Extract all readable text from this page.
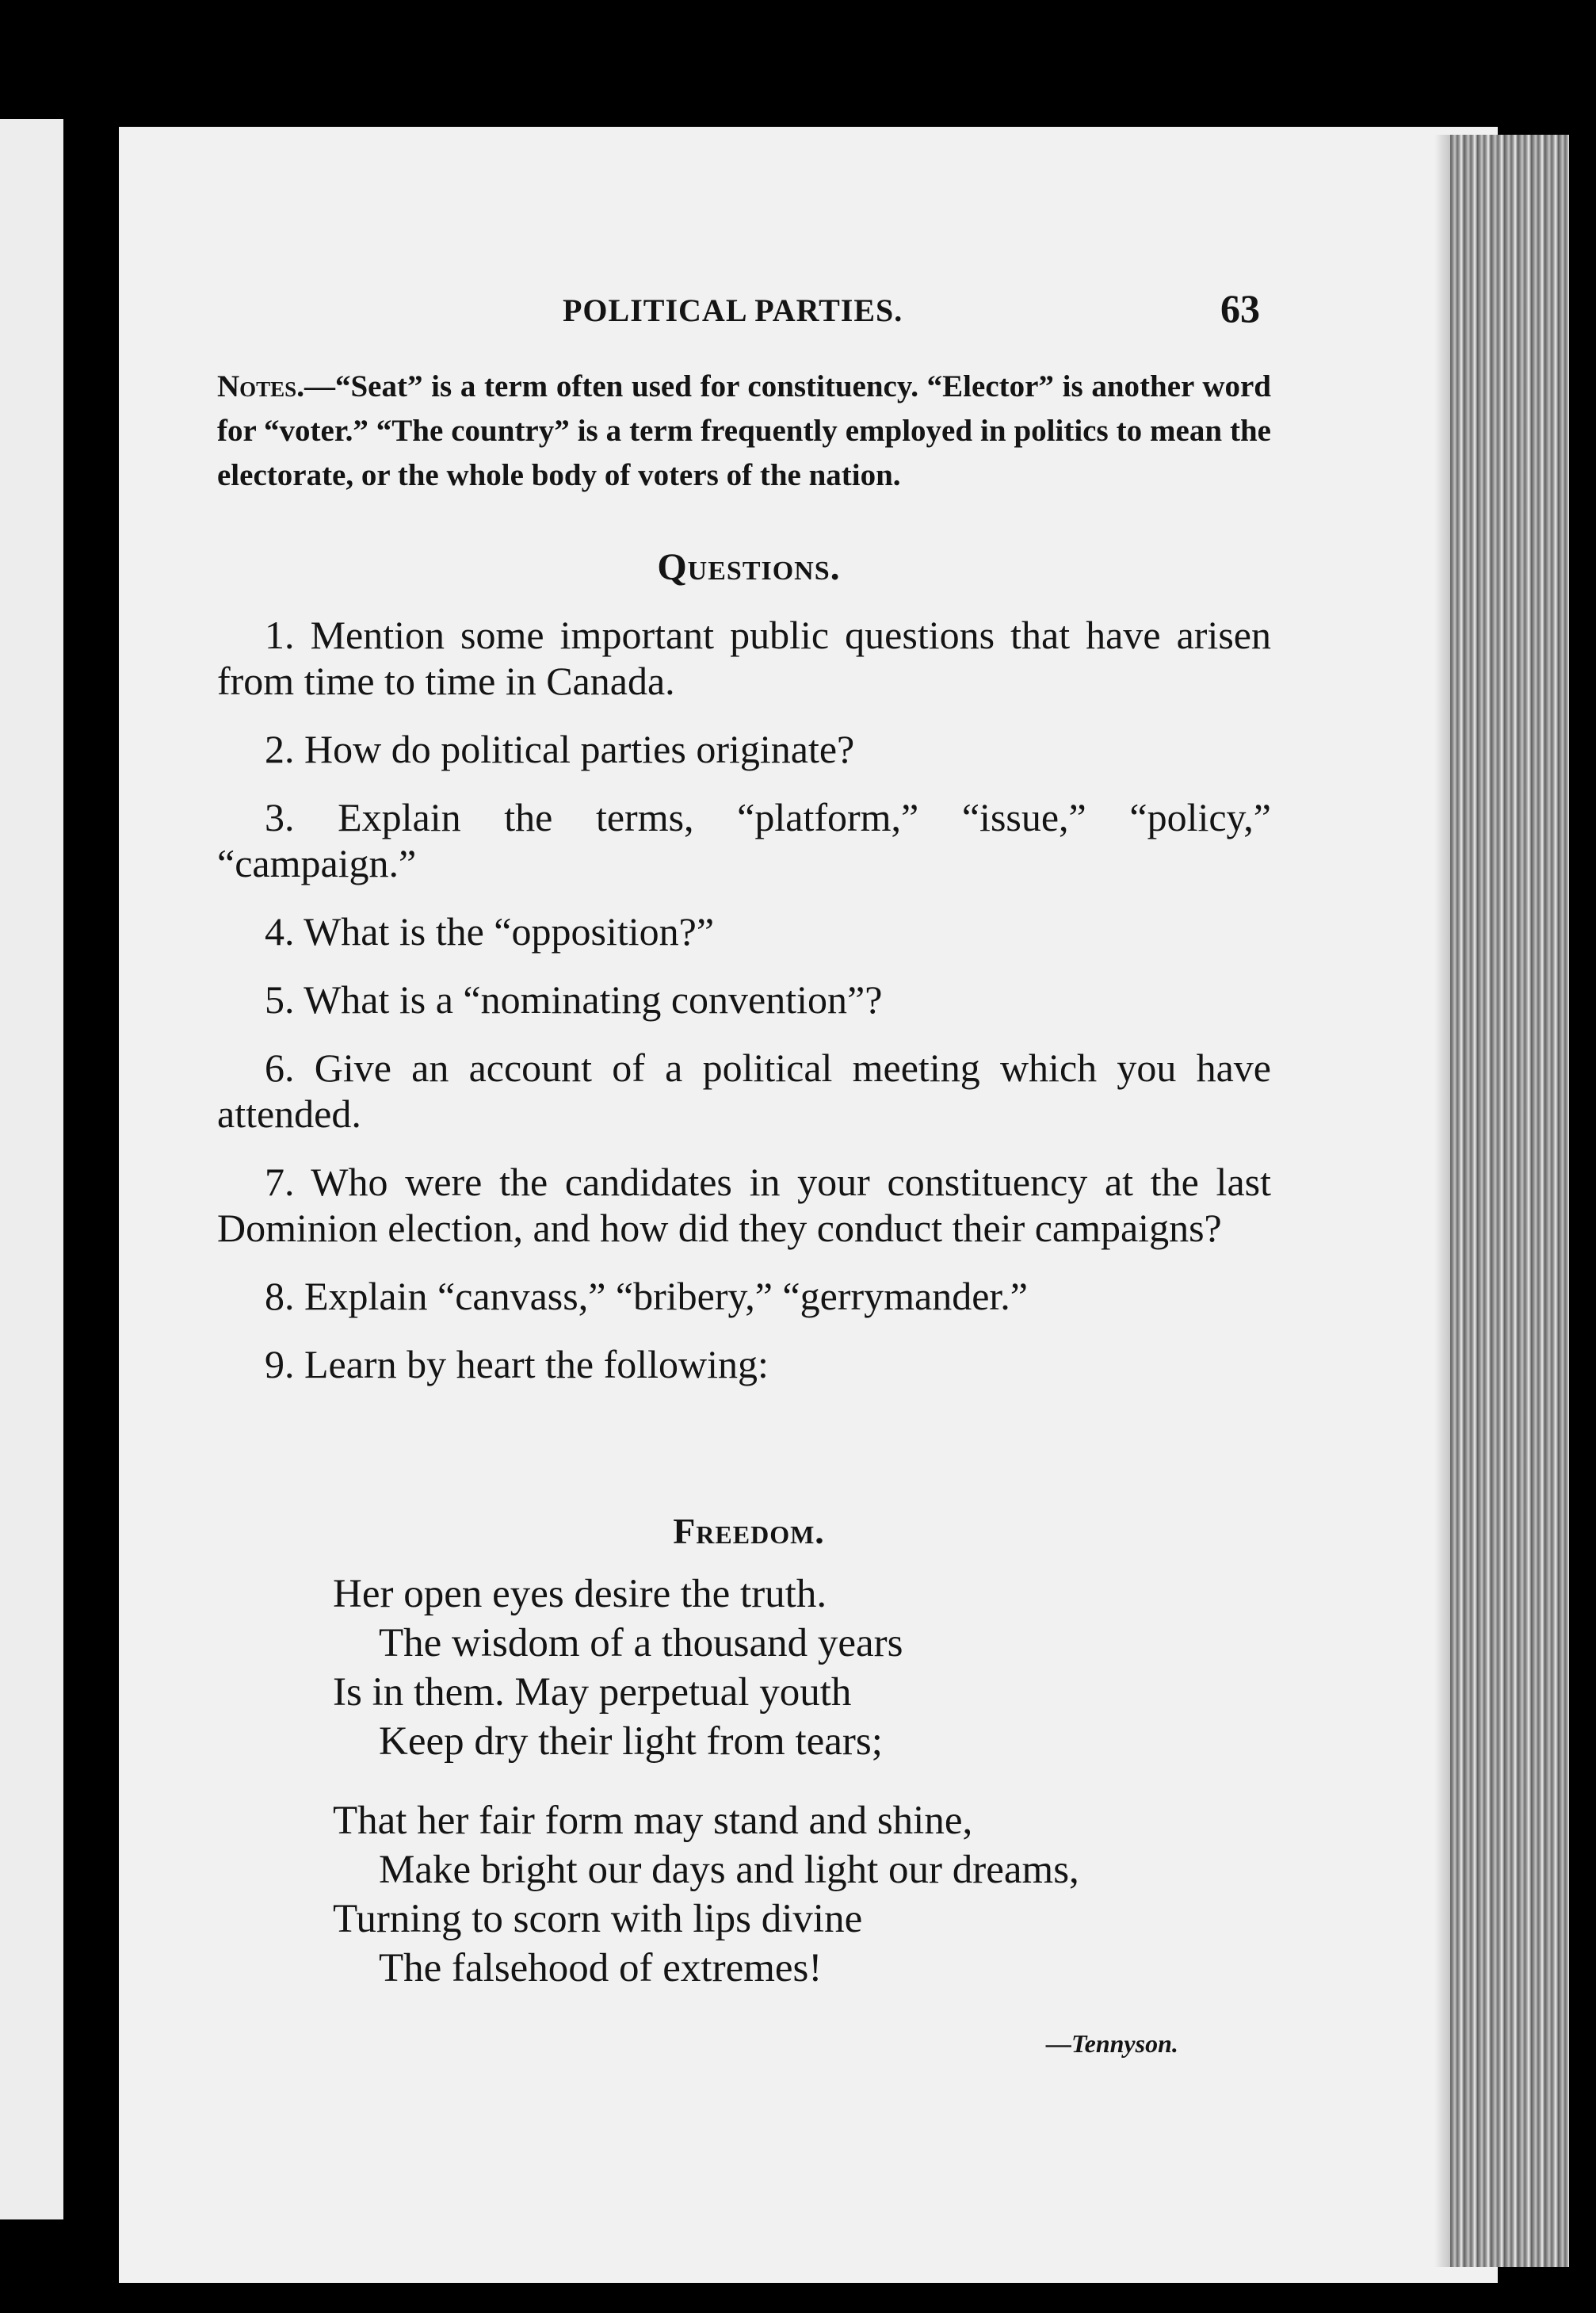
POLITICAL PARTIES.	63
Notes.—“Seat” is a term often used for constituency. “Elector” is another word for “voter.” “The country” is a term frequently employed in politics to mean the electorate, or the whole body of voters of the nation.
Questions.
1. Mention some important public questions that have arisen from time to time in Canada.
2. How do political parties originate?
3. Explain the terms, “platform,” “issue,” “policy,” “campaign.”
4. What is the “opposition?”
5. What is a “nominating convention”?
6. Give an account of a political meeting which you have attended.
7. Who were the candidates in your constituency at the last Dominion election, and how did they conduct their campaigns?
8. Explain “canvass,” “bribery,” “gerrymander.”
9. Learn by heart the following:
Freedom.
Her open eyes desire the truth.
The wisdom of a thousand years
Is in them. May perpetual youth
Keep dry their light from tears;
That her fair form may stand and shine,
Make bright our days and light our dreams,
Turning to scorn with lips divine
The falsehood of extremes!
—Tennyson.
